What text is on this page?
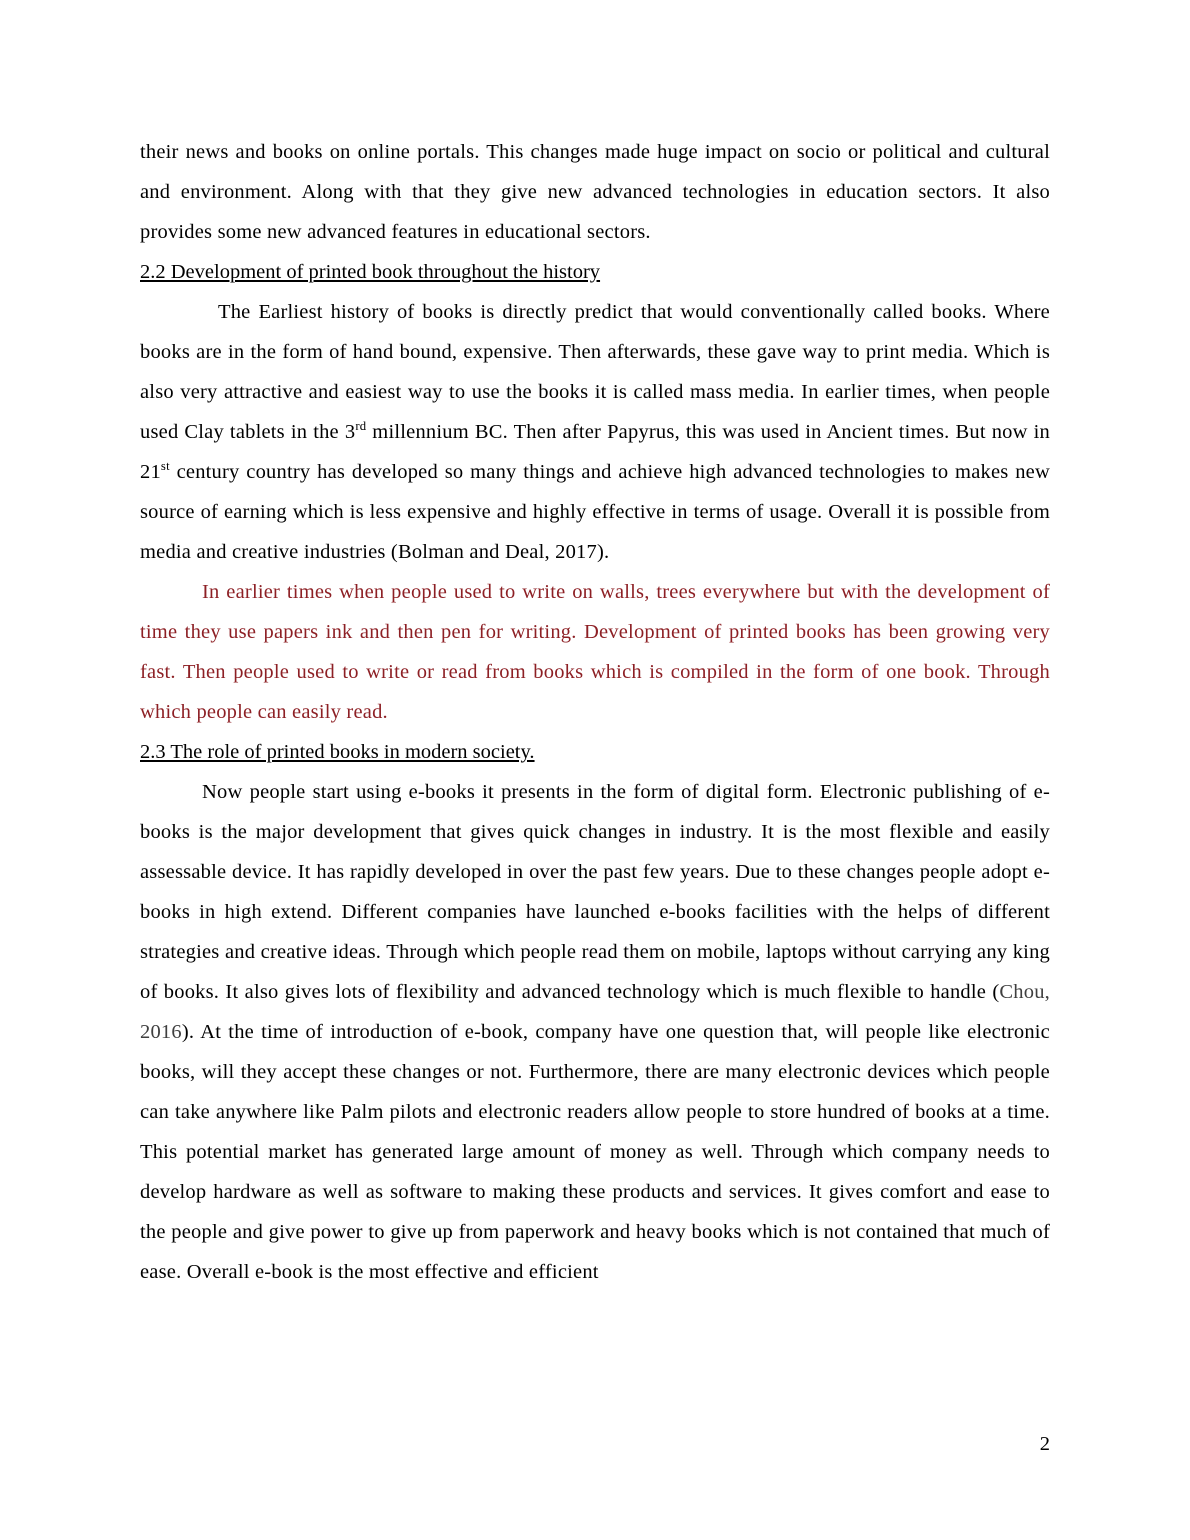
their news and books on online portals. This changes made huge impact on socio or political and cultural and environment. Along with that they give new advanced technologies in education sectors. It also provides some new advanced features in educational sectors.

2.2 Development of printed book throughout the history

The Earliest history of books is directly predict that would conventionally called books. Where books are in the form of hand bound, expensive. Then afterwards, these gave way to print media. Which is also very attractive and easiest way to use the books it is called mass media. In earlier times, when people used Clay tablets in the 3rd millennium BC. Then after Papyrus, this was used in Ancient times. But now in 21st century country has developed so many things and achieve high advanced technologies to makes new source of earning which is less expensive and highly effective in terms of usage. Overall it is possible from media and creative industries (Bolman and Deal, 2017).

In earlier times when people used to write on walls, trees everywhere but with the development of time they use papers ink and then pen for writing. Development of printed books has been growing very fast. Then people used to write or read from books which is compiled in the form of one book. Through which people can easily read.

2.3 The role of printed books in modern society.

Now people start using e-books it presents in the form of digital form. Electronic publishing of e-books is the major development that gives quick changes in industry. It is the most flexible and easily assessable device. It has rapidly developed in over the past few years. Due to these changes people adopt e-books in high extend. Different companies have launched e-books facilities with the helps of different strategies and creative ideas. Through which people read them on mobile, laptops without carrying any king of books. It also gives lots of flexibility and advanced technology which is much flexible to handle (Chou, 2016). At the time of introduction of e-book, company have one question that, will people like electronic books, will they accept these changes or not. Furthermore, there are many electronic devices which people can take anywhere like Palm pilots and electronic readers allow people to store hundred of books at a time. This potential market has generated large amount of money as well. Through which company needs to develop hardware as well as software to making these products and services. It gives comfort and ease to the people and give power to give up from paperwork and heavy books which is not contained that much of ease. Overall e-book is the most effective and efficient

2
